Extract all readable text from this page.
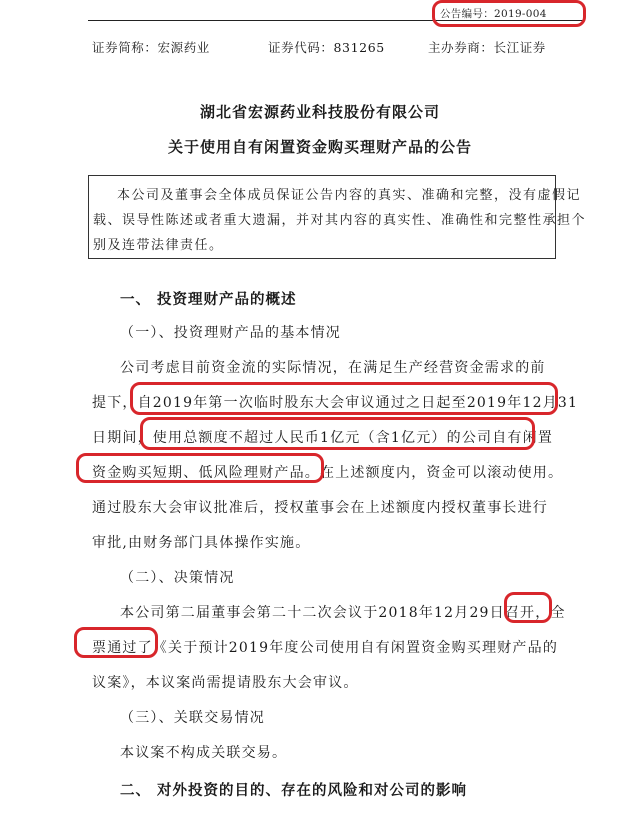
公告编号：2019-004
证券简称：宏源药业	证券代码：831265	主办券商：长江证券
湖北省宏源药业科技股份有限公司
关于使用自有闲置资金购买理财产品的公告
本公司及董事会全体成员保证公告内容的真实、准确和完整，没有虚假记
载、误导性陈述或者重大遗漏，并对其内容的真实性、准确性和完整性承担个
别及连带法律责任。
一、 投资理财产品的概述
（一）、投资理财产品的基本情况
公司考虑目前资金流的实际情况，在满足生产经营资金需求的前
提下，自2019年第一次临时股东大会审议通过之日起至2019年12月31
日期间，使用总额度不超过人民币1亿元（含1亿元）的公司自有闲置
资金购买短期、低风险理财产品。在上述额度内，资金可以滚动使用。
通过股东大会审议批准后，授权董事会在上述额度内授权董事长进行
审批,由财务部门具体操作实施。
（二）、决策情况
本公司第二届董事会第二十二次会议于2018年12月29日召开，全
票通过了《关于预计2019年度公司使用自有闲置资金购买理财产品的
议案》，本议案尚需提请股东大会审议。
（三）、关联交易情况
本议案不构成关联交易。
二、 对外投资的目的、存在的风险和对公司的影响
